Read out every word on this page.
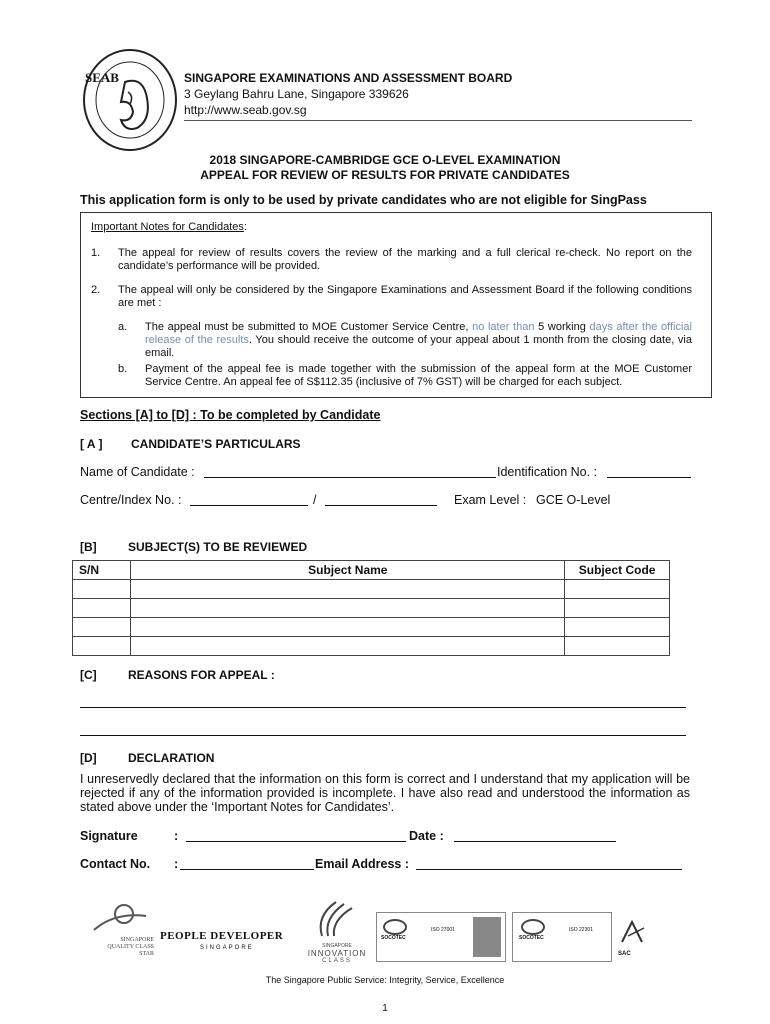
SEAB	SINGAPORE EXAMINATIONS AND ASSESSMENT BOARD
3 Geylang Bahru Lane, Singapore 339626
http://www.seab.gov.sg
2018 SINGAPORE-CAMBRIDGE GCE O-LEVEL EXAMINATION
APPEAL FOR REVIEW OF RESULTS FOR PRIVATE CANDIDATES
This application form is only to be used by private candidates who are not eligible for SingPass
Important Notes for Candidates:
1. The appeal for review of results covers the review of the marking and a full clerical re-check. No report on the candidate’s performance will be provided.
2. The appeal will only be considered by the Singapore Examinations and Assessment Board if the following conditions are met :
a. The appeal must be submitted to MOE Customer Service Centre, no later than 5 working days after the official release of the results. You should receive the outcome of your appeal about 1 month from the closing date, via email.
b. Payment of the appeal fee is made together with the submission of the appeal form at the MOE Customer Service Centre. An appeal fee of S$112.35 (inclusive of 7% GST) will be charged for each subject.
Sections [A] to [D] : To be completed by Candidate
[ A ] CANDIDATE’S PARTICULARS
Name of Candidate :	Identification No. :
Centre/Index No. :	/	Exam Level : GCE O-Level
[B]	SUBJECT(S) TO BE REVIEWED
S/N	Subject Name	Subject Code

[C]	REASONS FOR APPEAL :
[D]	DECLARATION
I unreservedly declared that the information on this form is correct and I understand that my application will be rejected if any of the information provided is incomplete. I have also read and understood the information as stated above under the ‘Important Notes for Candidates’.
Signature	:	Date :
Contact No. :	Email Address :
SINGAPORE
QUALITY CLASS
STAR
PEOPLE DEVELOPER
SINGAPORE	SINGAPORE
INNOVATION
CLASS
SOCOTEC
ISO 27001
SOCOTEC
ISO 22301
SAC
The Singapore Public Service: Integrity, Service, Excellence
1
